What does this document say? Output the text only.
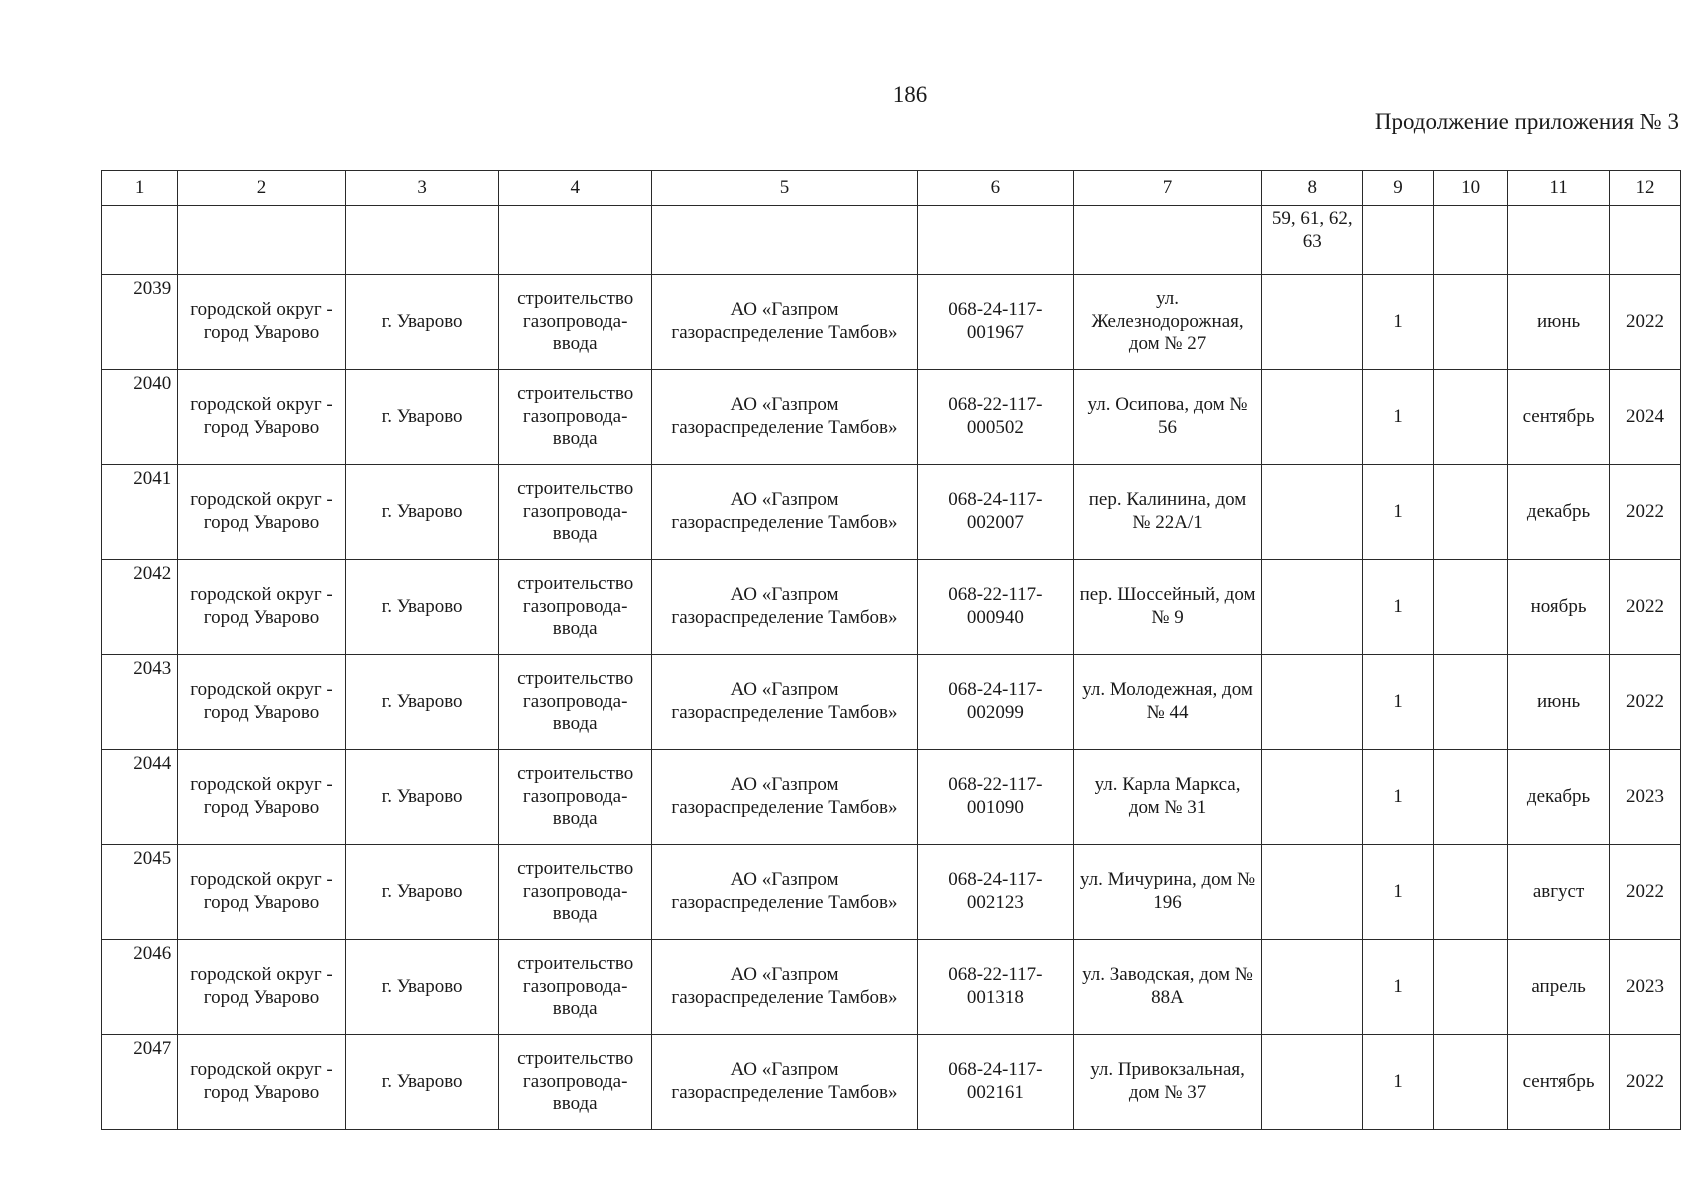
186
Продолжение приложения № 3
1	2	3	4	5	6	7	8	9	10	11	12
							59, 61, 62, 63				
2039	городской округ - город Уварово	г. Уварово	строительство газопровода-ввода	АО «Газпром газораспределение Тамбов»	068-24-117-001967	ул. Железнодорожная, дом № 27		1		июнь	2022
2040	городской округ - город Уварово	г. Уварово	строительство газопровода-ввода	АО «Газпром газораспределение Тамбов»	068-22-117-000502	ул. Осипова, дом № 56		1		сентябрь	2024
2041	городской округ - город Уварово	г. Уварово	строительство газопровода-ввода	АО «Газпром газораспределение Тамбов»	068-24-117-002007	пер. Калинина, дом № 22А/1		1		декабрь	2022
2042	городской округ - город Уварово	г. Уварово	строительство газопровода-ввода	АО «Газпром газораспределение Тамбов»	068-22-117-000940	пер. Шоссейный, дом № 9		1		ноябрь	2022
2043	городской округ - город Уварово	г. Уварово	строительство газопровода-ввода	АО «Газпром газораспределение Тамбов»	068-24-117-002099	ул. Молодежная, дом № 44		1		июнь	2022
2044	городской округ - город Уварово	г. Уварово	строительство газопровода-ввода	АО «Газпром газораспределение Тамбов»	068-22-117-001090	ул. Карла Маркса, дом № 31		1		декабрь	2023
2045	городской округ - город Уварово	г. Уварово	строительство газопровода-ввода	АО «Газпром газораспределение Тамбов»	068-24-117-002123	ул. Мичурина, дом № 196		1		август	2022
2046	городской округ - город Уварово	г. Уварово	строительство газопровода-ввода	АО «Газпром газораспределение Тамбов»	068-22-117-001318	ул. Заводская, дом № 88А		1		апрель	2023
2047	городской округ - город Уварово	г. Уварово	строительство газопровода-ввода	АО «Газпром газораспределение Тамбов»	068-24-117-002161	ул. Привокзальная, дом № 37		1		сентябрь	2022
